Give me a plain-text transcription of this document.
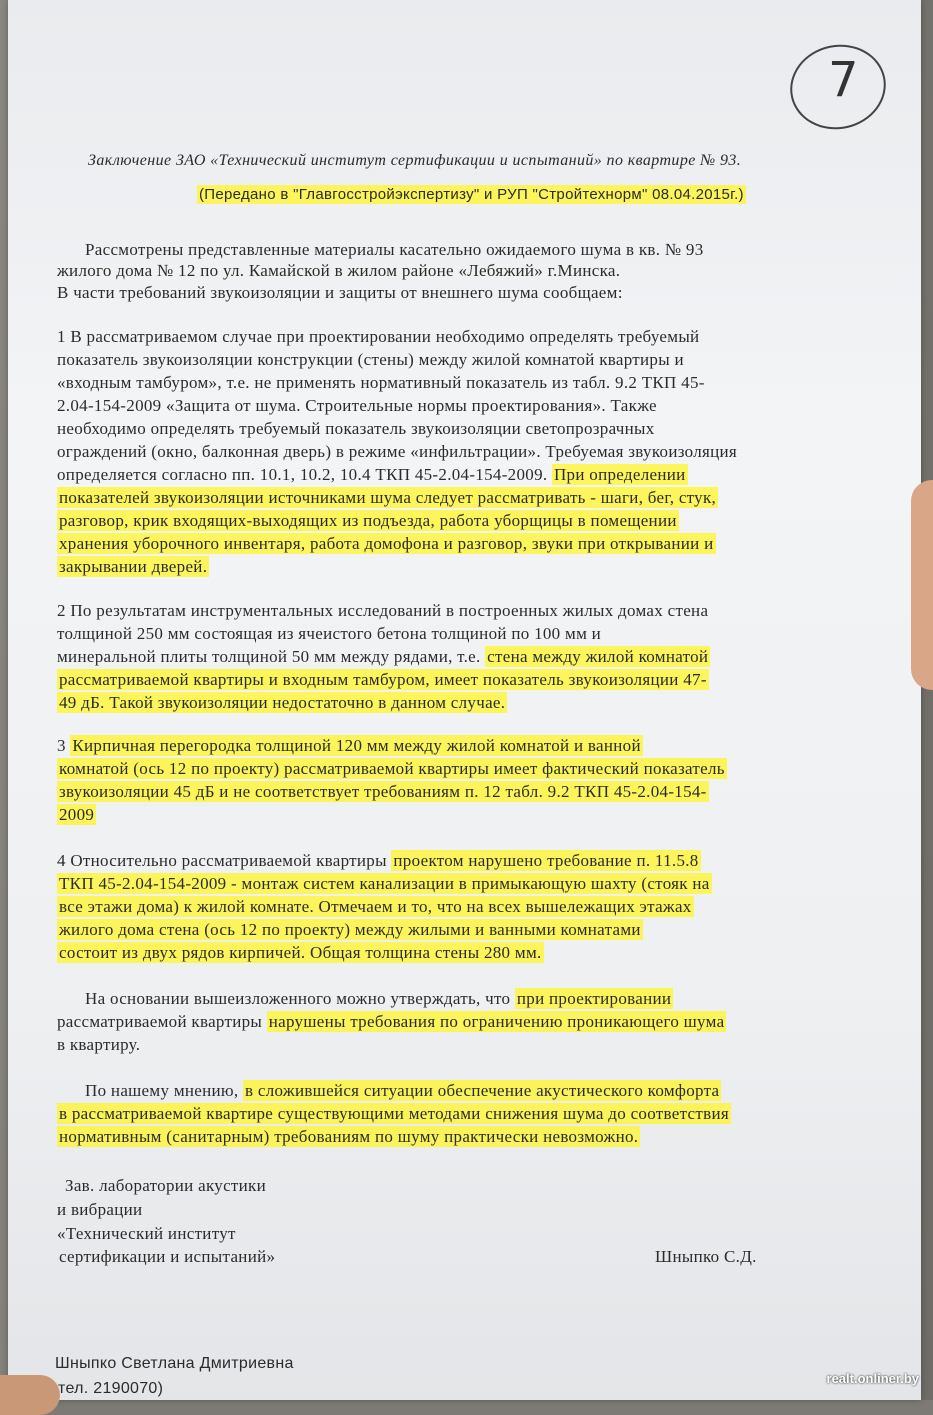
7
Заключение ЗАО «Технический институт сертификации и испытаний» по квартире № 93.
(Передано в "Главгосстройэкспертизу" и РУП "Стройтехнорм" 08.04.2015г.)
Рассмотрены представленные материалы касательно ожидаемого шума в кв. № 93
жилого дома № 12 по ул. Камайской в жилом районе «Лебяжий» г.Минска.
В части требований звукоизоляции и защиты от внешнего шума сообщаем:
1 В рассматриваемом случае при проектировании необходимо определять требуемый
показатель звукоизоляции конструкции (стены) между жилой комнатой квартиры и
«входным тамбуром», т.е. не применять нормативный показатель из табл. 9.2 ТКП 45-
2.04-154-2009 «Защита от шума. Строительные нормы проектирования». Также
необходимо определять требуемый показатель звукоизоляции светопрозрачных
ограждений (окно, балконная дверь) в режиме «инфильтрации». Требуемая звукоизоляция
определяется согласно пп. 10.1, 10.2, 10.4 ТКП 45-2.04-154-2009. При определении
показателей звукоизоляции источниками шума следует рассматривать - шаги, бег, стук,
разговор, крик входящих-выходящих из подъезда, работа уборщицы в помещении
хранения уборочного инвентаря, работа домофона и разговор, звуки при открывании и
закрывании дверей.
2 По результатам инструментальных исследований в построенных жилых домах стена
толщиной 250 мм состоящая из ячеистого бетона толщиной по 100 мм и
минеральной плиты толщиной 50 мм между рядами, т.е. стена между жилой комнатой
рассматриваемой квартиры и входным тамбуром, имеет показатель звукоизоляции 47-
49 дБ. Такой звукоизоляции недостаточно в данном случае.
3 Кирпичная перегородка толщиной 120 мм между жилой комнатой и ванной
комнатой (ось 12 по проекту) рассматриваемой квартиры имеет фактический показатель
звукоизоляции 45 дБ и не соответствует требованиям п. 12 табл. 9.2 ТКП 45-2.04-154-
2009
4 Относительно рассматриваемой квартиры проектом нарушено требование п. 11.5.8
ТКП 45-2.04-154-2009 - монтаж систем канализации в примыкающую шахту (стояк на
все этажи дома) к жилой комнате. Отмечаем и то, что на всех вышележащих этажах
жилого дома стена (ось 12 по проекту) между жилыми и ванными комнатами
состоит из двух рядов кирпичей. Общая толщина стены 280 мм.
На основании вышеизложенного можно утверждать, что при проектировании
рассматриваемой квартиры нарушены требования по ограничению проникающего шума
в квартиру.
По нашему мнению, в сложившейся ситуации обеспечение акустического комфорта
в рассматриваемой квартире существующими методами снижения шума до соответствия
нормативным (санитарным) требованиям по шуму практически невозможно.
Зав. лаборатории акустики
и вибрации
«Технический институт
сертификации и испытаний»	Шныпко С.Д.
Шныпко Светлана Дмитриевна
тел. 2190070)
realt.onliner.by
